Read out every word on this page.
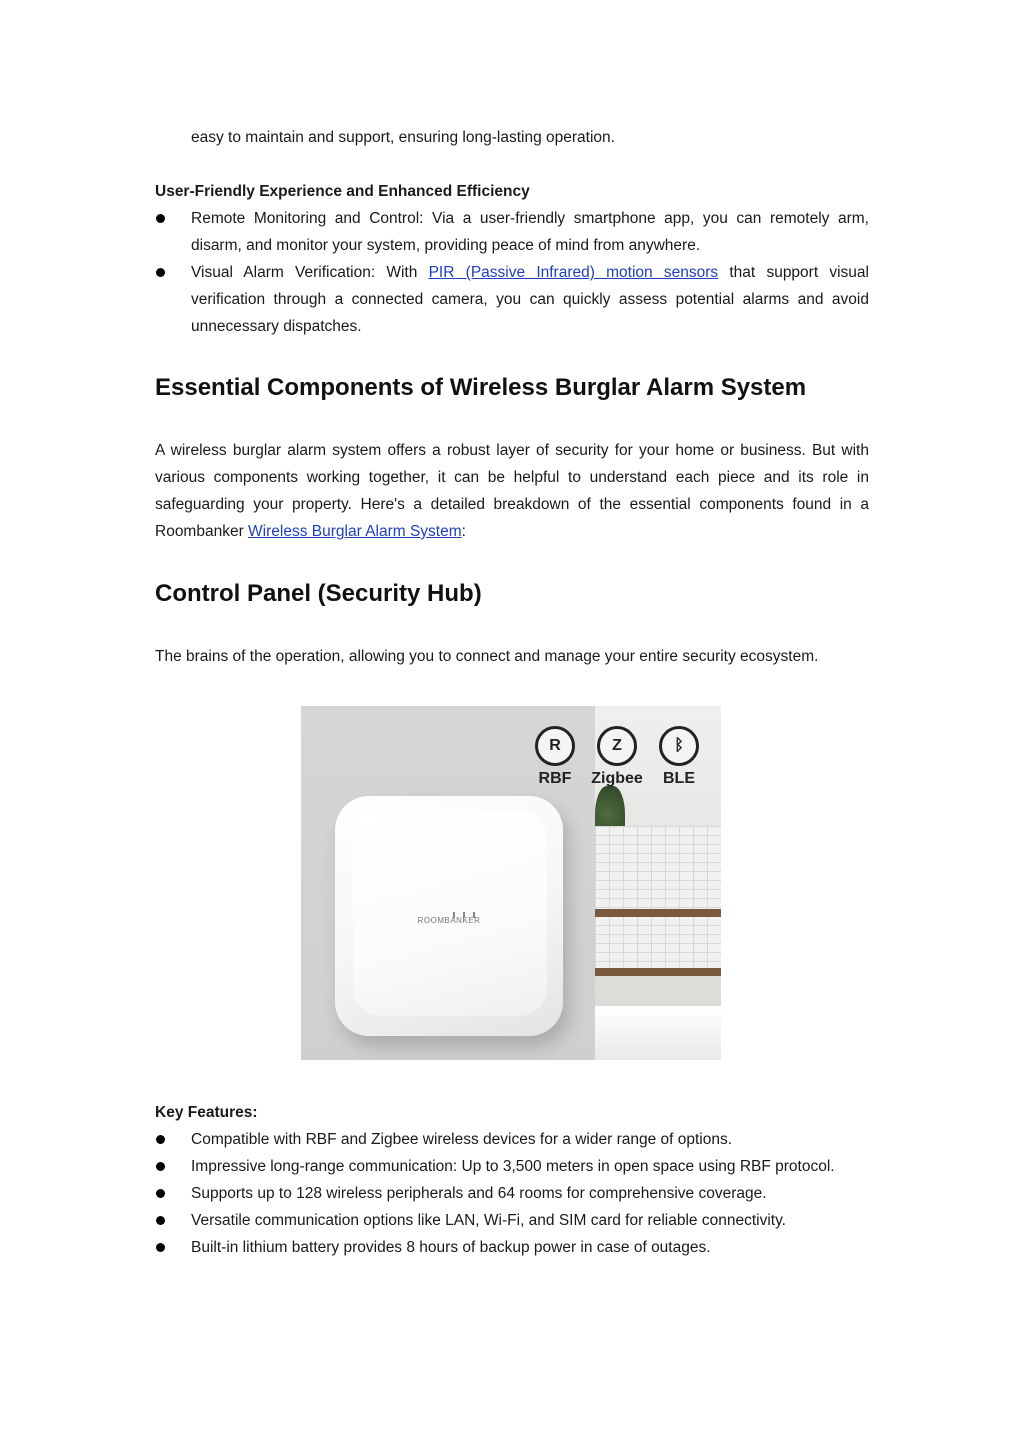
easy to maintain and support, ensuring long-lasting operation.
User-Friendly Experience and Enhanced Efficiency
Remote Monitoring and Control: Via a user-friendly smartphone app, you can remotely arm, disarm, and monitor your system, providing peace of mind from anywhere.
Visual Alarm Verification: With PIR (Passive Infrared) motion sensors that support visual verification through a connected camera, you can quickly assess potential alarms and avoid unnecessary dispatches.
Essential Components of Wireless Burglar Alarm System

A wireless burglar alarm system offers a robust layer of security for your home or business. But with various components working together, it can be helpful to understand each piece and its role in safeguarding your property. Here's a detailed breakdown of the essential components found in a Roombanker Wireless Burglar Alarm System:

Control Panel (Security Hub)

The brains of the operation, allowing you to connect and manage your entire security ecosystem.

Key Features:
Compatible with RBF and Zigbee wireless devices for a wider range of options.
Impressive long-range communication: Up to 3,500 meters in open space using RBF protocol.
Supports up to 128 wireless peripherals and 64 rooms for comprehensive coverage.
Versatile communication options like LAN, Wi-Fi, and SIM card for reliable connectivity.
Built-in lithium battery provides 8 hours of backup power in case of outages.
ROOMBANKER
R
RBF
Z
Zigbee
ᛒ
BLE
